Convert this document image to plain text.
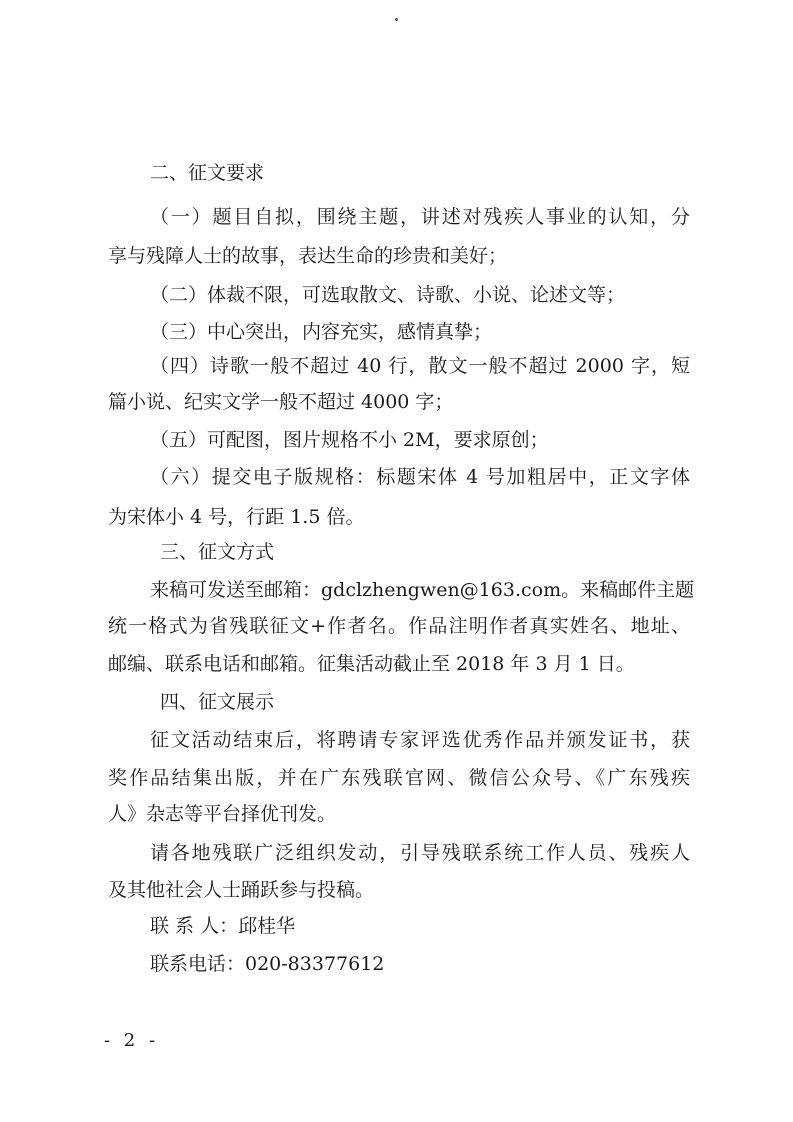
二、征文要求
（一）题目自拟，围绕主题，讲述对残疾人事业的认知，分
享与残障人士的故事，表达生命的珍贵和美好；
（二）体裁不限，可选取散文、诗歌、小说、论述文等；
（三）中心突出，内容充实，感情真挚；
（四）诗歌一般不超过 40 行，散文一般不超过 2000 字，短
篇小说、纪实文学一般不超过 4000 字；
（五）可配图，图片规格不小 2M，要求原创；
（六）提交电子版规格：标题宋体 4 号加粗居中，正文字体
为宋体小 4 号，行距 1.5 倍。
三、征文方式
来稿可发送至邮箱：gdclzhengwen@163.com。来稿邮件主题
统一格式为省残联征文+作者名。作品注明作者真实姓名、地址、
邮编、联系电话和邮箱。征集活动截止至 2018 年 3 月 1 日。
四、征文展示
征文活动结束后，将聘请专家评选优秀作品并颁发证书，获
奖作品结集出版，并在广东残联官网、微信公众号、《广东残疾
人》杂志等平台择优刊发。
请各地残联广泛组织发动，引导残联系统工作人员、残疾人
及其他社会人士踊跃参与投稿。
联 系 人：邱桂华
联系电话：020-83377612
- 2 -
